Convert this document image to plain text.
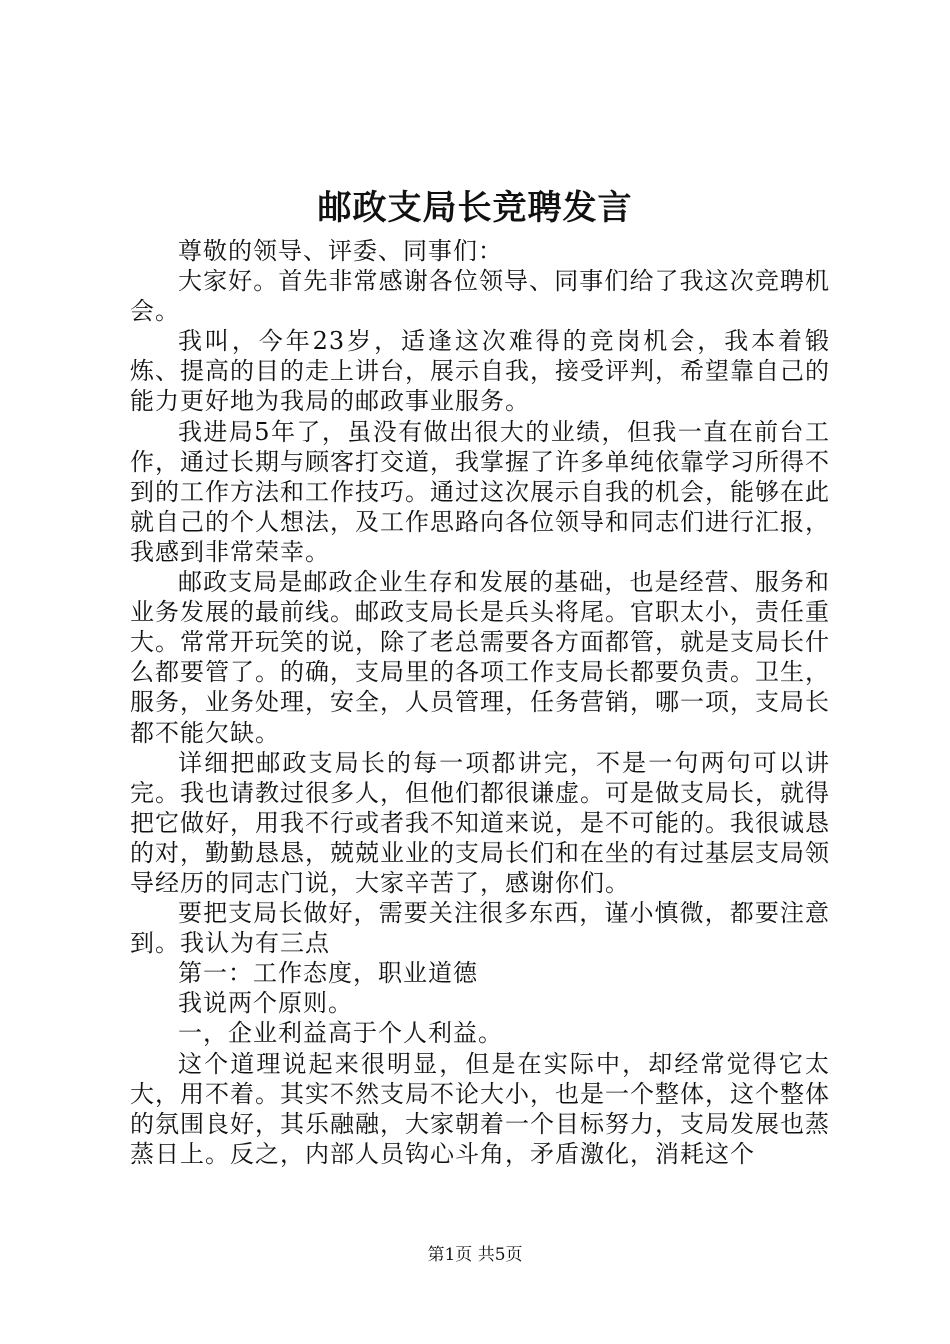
邮政支局长竞聘发言

尊敬的领导、评委、同事们：

大家好。首先非常感谢各位领导、同事们给了我这次竞聘机会。

我叫，今年23岁，适逢这次难得的竞岗机会，我本着锻炼、提高的目的走上讲台，展示自我，接受评判，希望靠自己的能力更好地为我局的邮政事业服务。

我进局5年了，虽没有做出很大的业绩，但我一直在前台工作，通过长期与顾客打交道，我掌握了许多单纯依靠学习所得不到的工作方法和工作技巧。通过这次展示自我的机会，能够在此就自己的个人想法，及工作思路向各位领导和同志们进行汇报，我感到非常荣幸。

邮政支局是邮政企业生存和发展的基础，也是经营、服务和业务发展的最前线。邮政支局长是兵头将尾。官职太小，责任重大。常常开玩笑的说，除了老总需要各方面都管，就是支局长什么都要管了。的确，支局里的各项工作支局长都要负责。卫生，服务，业务处理，安全，人员管理，任务营销，哪一项，支局长都不能欠缺。

详细把邮政支局长的每一项都讲完，不是一句两句可以讲完。我也请教过很多人，但他们都很谦虚。可是做支局长，就得把它做好，用我不行或者我不知道来说，是不可能的。我很诚恳的对，勤勤恳恳，兢兢业业的支局长们和在坐的有过基层支局领导经历的同志门说，大家辛苦了，感谢你们。

要把支局长做好，需要关注很多东西，谨小慎微，都要注意到。我认为有三点

第一：工作态度，职业道德

我说两个原则。

一，企业利益高于个人利益。

这个道理说起来很明显，但是在实际中，却经常觉得它太大，用不着。其实不然支局不论大小，也是一个整体，这个整体的氛围良好，其乐融融，大家朝着一个目标努力，支局发展也蒸蒸日上。反之，内部人员钩心斗角，矛盾激化，消耗这个

第1页 共5页
